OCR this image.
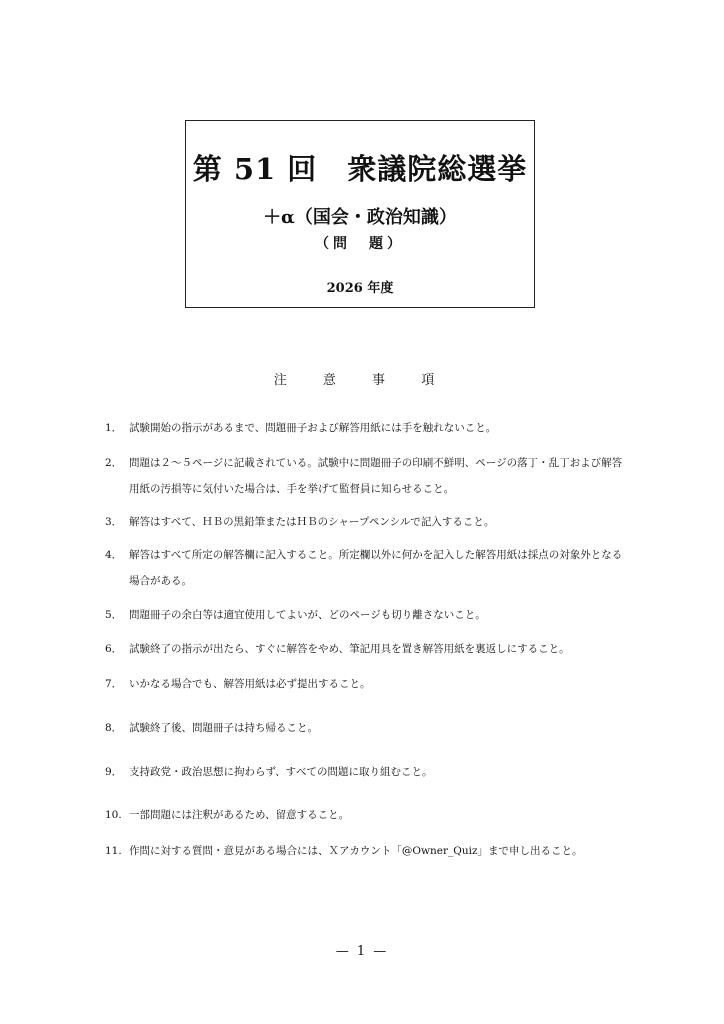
第 51 回　衆議院総選挙
＋α（国会・政治知識）
（問　題）
2026 年度
注 意 事 項
1． 試験開始の指示があるまで、問題冊子および解答用紙には手を触れないこと。
2． 問題は２～５ページに記載されている。試験中に問題冊子の印刷不鮮明、ページの落丁・乱丁および解答用紙の汚損等に気付いた場合は、手を挙げて監督員に知らせること。
3． 解答はすべて、ＨＢの黒鉛筆またはＨＢのシャープペンシルで記入すること。
4． 解答はすべて所定の解答欄に記入すること。所定欄以外に何かを記入した解答用紙は採点の対象外となる場合がある。
5． 問題冊子の余白等は適宜使用してよいが、どのページも切り離さないこと。
6． 試験終了の指示が出たら、すぐに解答をやめ、筆記用具を置き解答用紙を裏返しにすること。
7． いかなる場合でも、解答用紙は必ず提出すること。
8． 試験終了後、問題冊子は持ち帰ること。
9． 支持政党・政治思想に拘わらず、すべての問題に取り組むこと。
10. 一部問題には注釈があるため、留意すること。
11. 作問に対する質問・意見がある場合には、Ｘアカウント「@Owner_Quiz」まで申し出ること。
— 1 —
